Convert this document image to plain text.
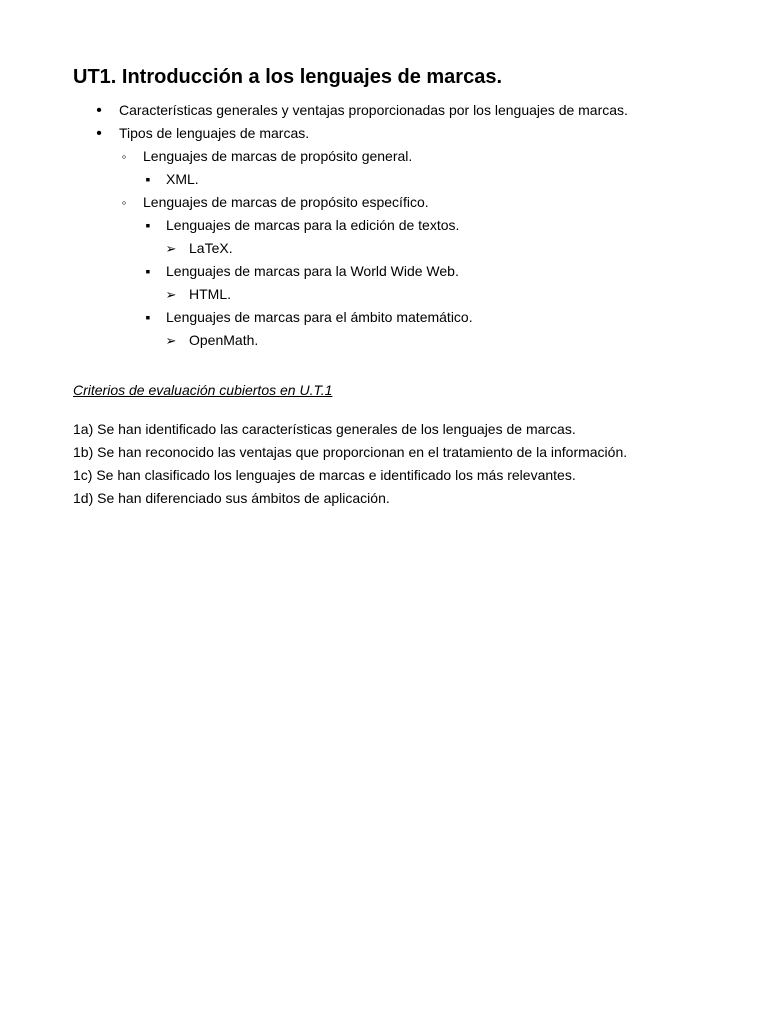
UT1. Introducción a los lenguajes de marcas.
•
Características generales y ventajas proporcionadas por los lenguajes de marcas.
•
Tipos de lenguajes de marcas.
◦
Lenguajes de marcas de propósito general.
▪
XML.
◦
Lenguajes de marcas de propósito específico.
▪
Lenguajes de marcas para la edición de textos.
➢
LaTeX.
▪
Lenguajes de marcas para la World Wide Web.
➢
HTML.
▪
Lenguajes de marcas para el ámbito matemático.
➢
OpenMath.
Criterios de evaluación cubiertos en U.T.1
1a) Se han identificado las características generales de los lenguajes de marcas.
1b) Se han reconocido las ventajas que proporcionan en el tratamiento de la información.
1c) Se han clasificado los lenguajes de marcas e identificado los más relevantes.
1d) Se han diferenciado sus ámbitos de aplicación.
